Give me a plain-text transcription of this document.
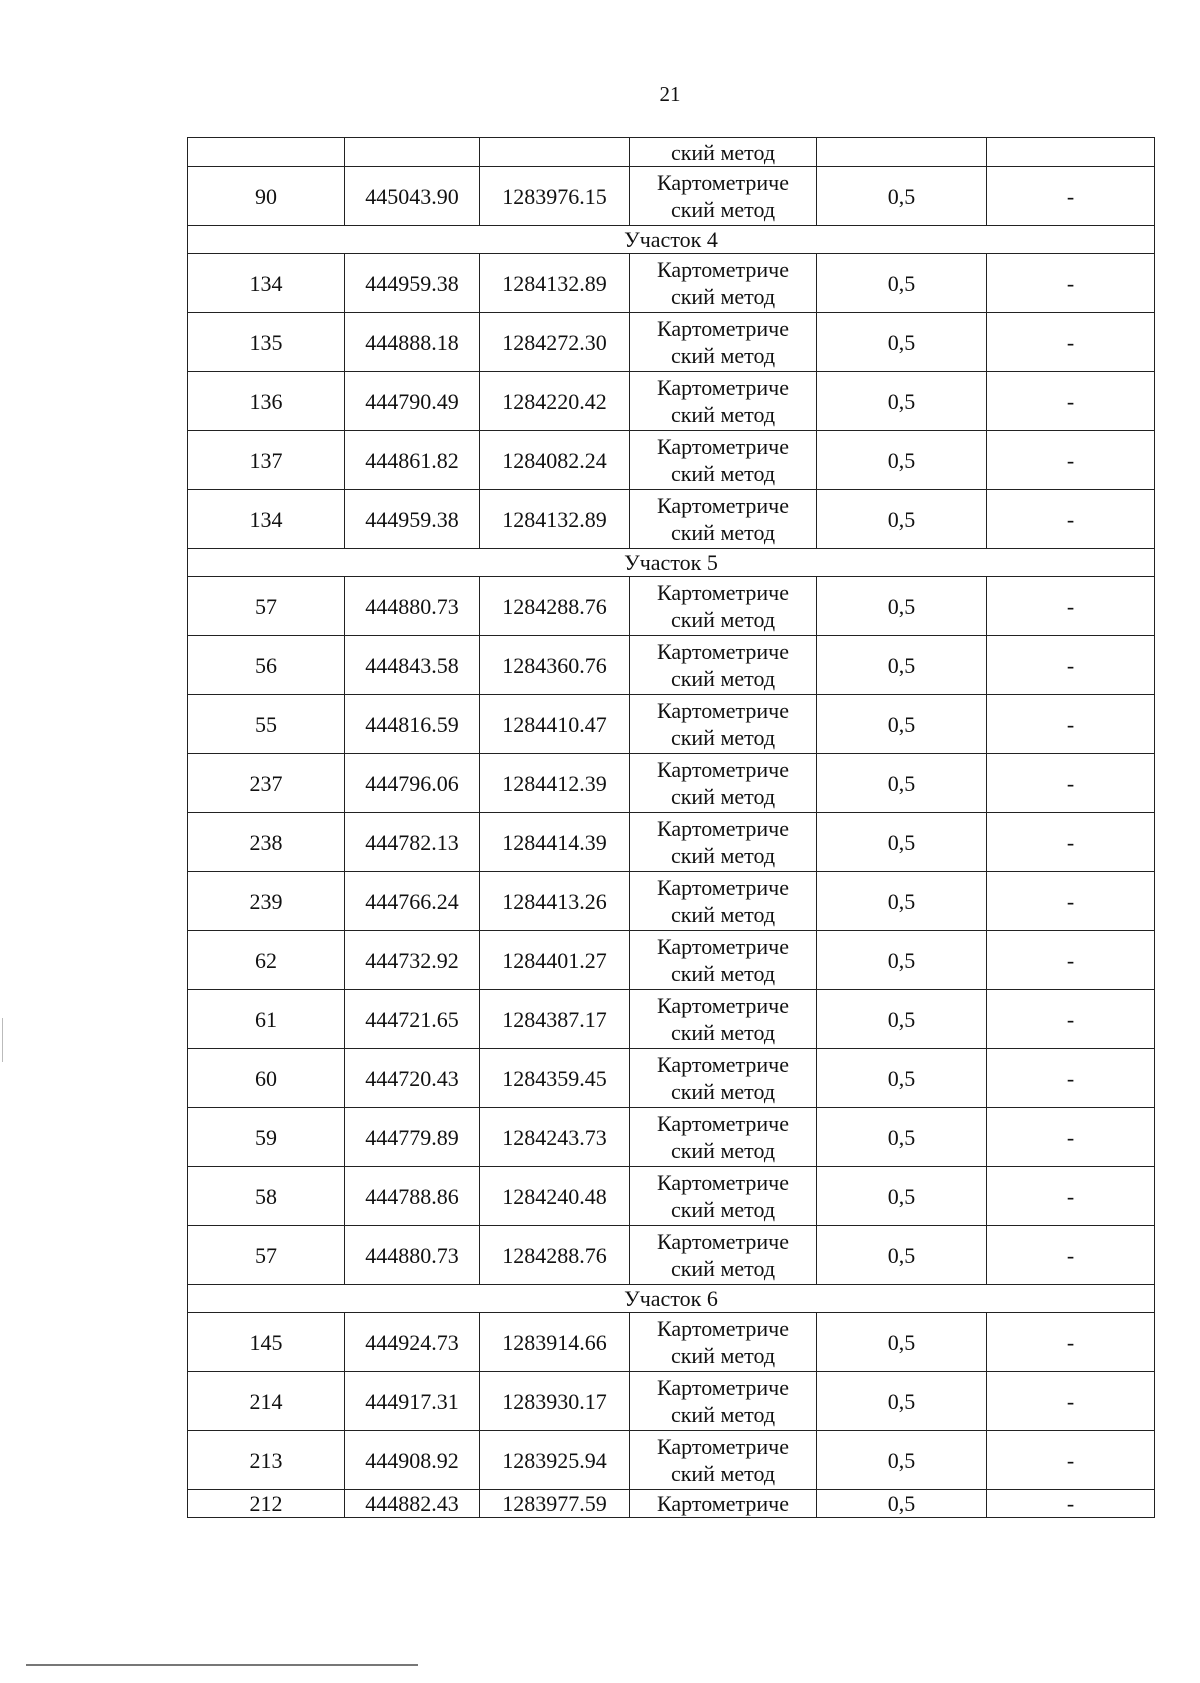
21
			ский метод		
90	445043.90	1283976.15	Картометриче
ский метод	0,5	-
Участок 4					
134	444959.38	1284132.89	Картометриче
ский метод	0,5	-
135	444888.18	1284272.30	Картометриче
ский метод	0,5	-
136	444790.49	1284220.42	Картометриче
ский метод	0,5	-
137	444861.82	1284082.24	Картометриче
ский метод	0,5	-
134	444959.38	1284132.89	Картометриче
ский метод	0,5	-
Участок 5					
57	444880.73	1284288.76	Картометриче
ский метод	0,5	-
56	444843.58	1284360.76	Картометриче
ский метод	0,5	-
55	444816.59	1284410.47	Картометриче
ский метод	0,5	-
237	444796.06	1284412.39	Картометриче
ский метод	0,5	-
238	444782.13	1284414.39	Картометриче
ский метод	0,5	-
239	444766.24	1284413.26	Картометриче
ский метод	0,5	-
62	444732.92	1284401.27	Картометриче
ский метод	0,5	-
61	444721.65	1284387.17	Картометриче
ский метод	0,5	-
60	444720.43	1284359.45	Картометриче
ский метод	0,5	-
59	444779.89	1284243.73	Картометриче
ский метод	0,5	-
58	444788.86	1284240.48	Картометриче
ский метод	0,5	-
57	444880.73	1284288.76	Картометриче
ский метод	0,5	-
Участок 6					
145	444924.73	1283914.66	Картометриче
ский метод	0,5	-
214	444917.31	1283930.17	Картометриче
ский метод	0,5	-
213	444908.92	1283925.94	Картометриче
ский метод	0,5	-
212	444882.43	1283977.59	Картометриче	0,5	-
